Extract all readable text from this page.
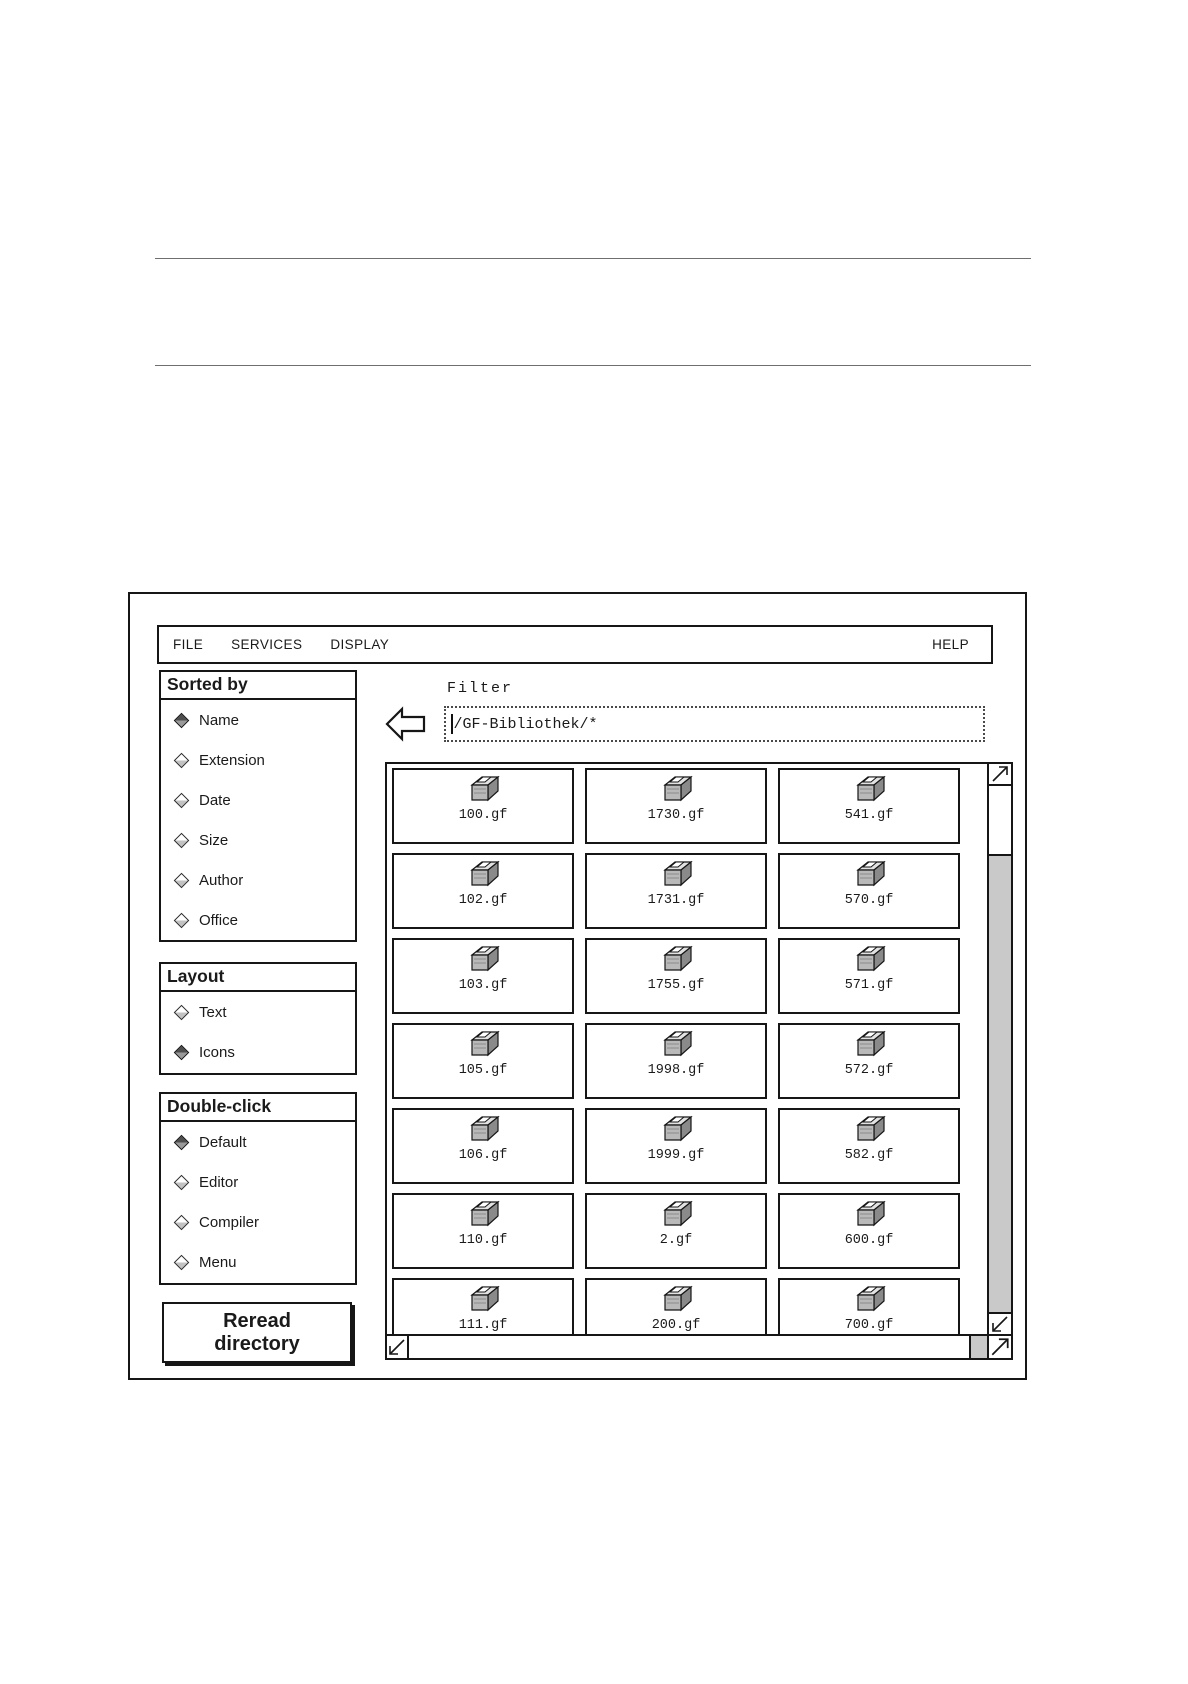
FILE	SERVICES	DISPLAY	HELP
Sorted by
Name
Extension
Date
Size
Author
Office
Layout
Text
Icons
Double-click
Default
Editor
Compiler
Menu
Reread directory
Filter
/GF-Bibliothek/*
100.gf	1730.gf	541.gf
102.gf	1731.gf	570.gf
103.gf	1755.gf	571.gf
105.gf	1998.gf	572.gf
106.gf	1999.gf	582.gf
110.gf	2.gf	600.gf
111.gf	200.gf	700.gf
